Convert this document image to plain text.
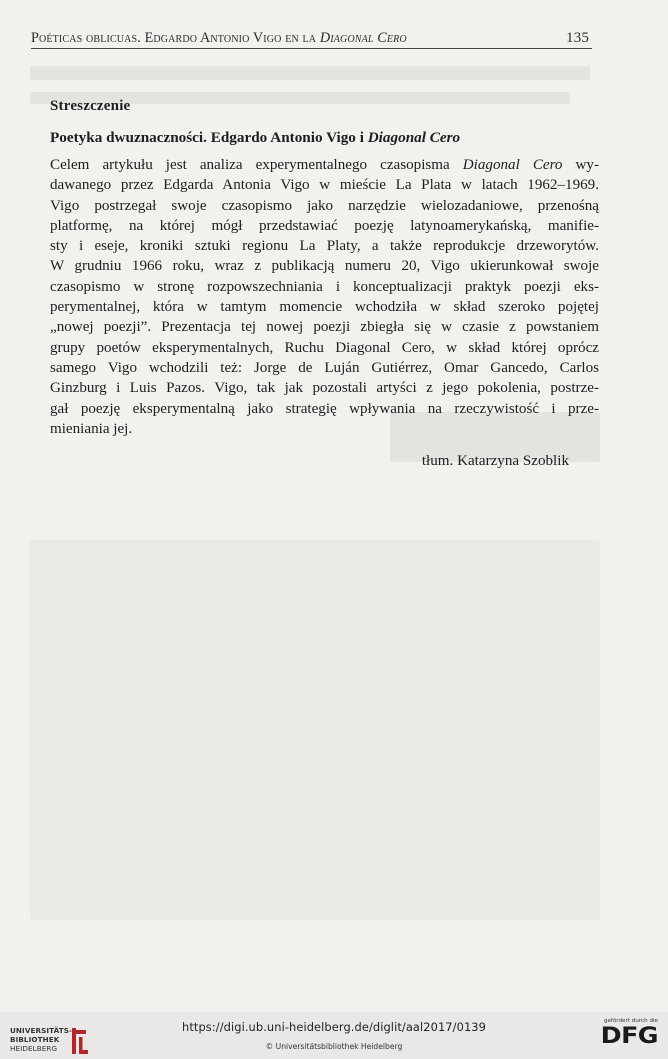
Poéticas oblicuas. Edgardo Antonio Vigo en la Diagonal Cero	135
Streszczenie
Poetyka dwuznaczności. Edgardo Antonio Vigo i Diagonal Cero
Celem artykułu jest analiza experymentalnego czasopisma Diagonal Cero wy-
dawanego przez Edgarda Antonia Vigo w mieście La Plata w latach 1962–1969.
Vigo postrzegał swoje czasopismo jako narzędzie wielozadaniowe, przenośną
platformę, na której mógł przedstawiać poezję latynoamerykańską, manifie-
sty i eseje, kroniki sztuki regionu La Platy, a także reprodukcje drzeworytów.
W grudniu 1966 roku, wraz z publikacją numeru 20, Vigo ukierunkował swoje
czasopismo w stronę rozpowszechniania i konceptualizacji praktyk poezji eks-
perymentalnej, która w tamtym momencie wchodziła w skład szeroko pojętej
„nowej poezji”. Prezentacja tej nowej poezji zbiegła się w czasie z powstaniem
grupy poetów eksperymentalnych, Ruchu Diagonal Cero, w skład której oprócz
samego Vigo wchodzili też: Jorge de Luján Gutiérrez, Omar Gancedo, Carlos
Ginzburg i Luis Pazos. Vigo, tak jak pozostali artyści z jego pokolenia, postrze-
gał poezję eksperymentalną jako strategię wpływania na rzeczywistość i prze-
mieniania jej.
tłum. Katarzyna Szoblik
UNIVERSITÄTS-
BIBLIOTHEK
HEIDELBERG
https://digi.ub.uni-heidelberg.de/diglit/aal2017/0139
© Universitätsbibliothek Heidelberg
gefördert durch die
DFG
